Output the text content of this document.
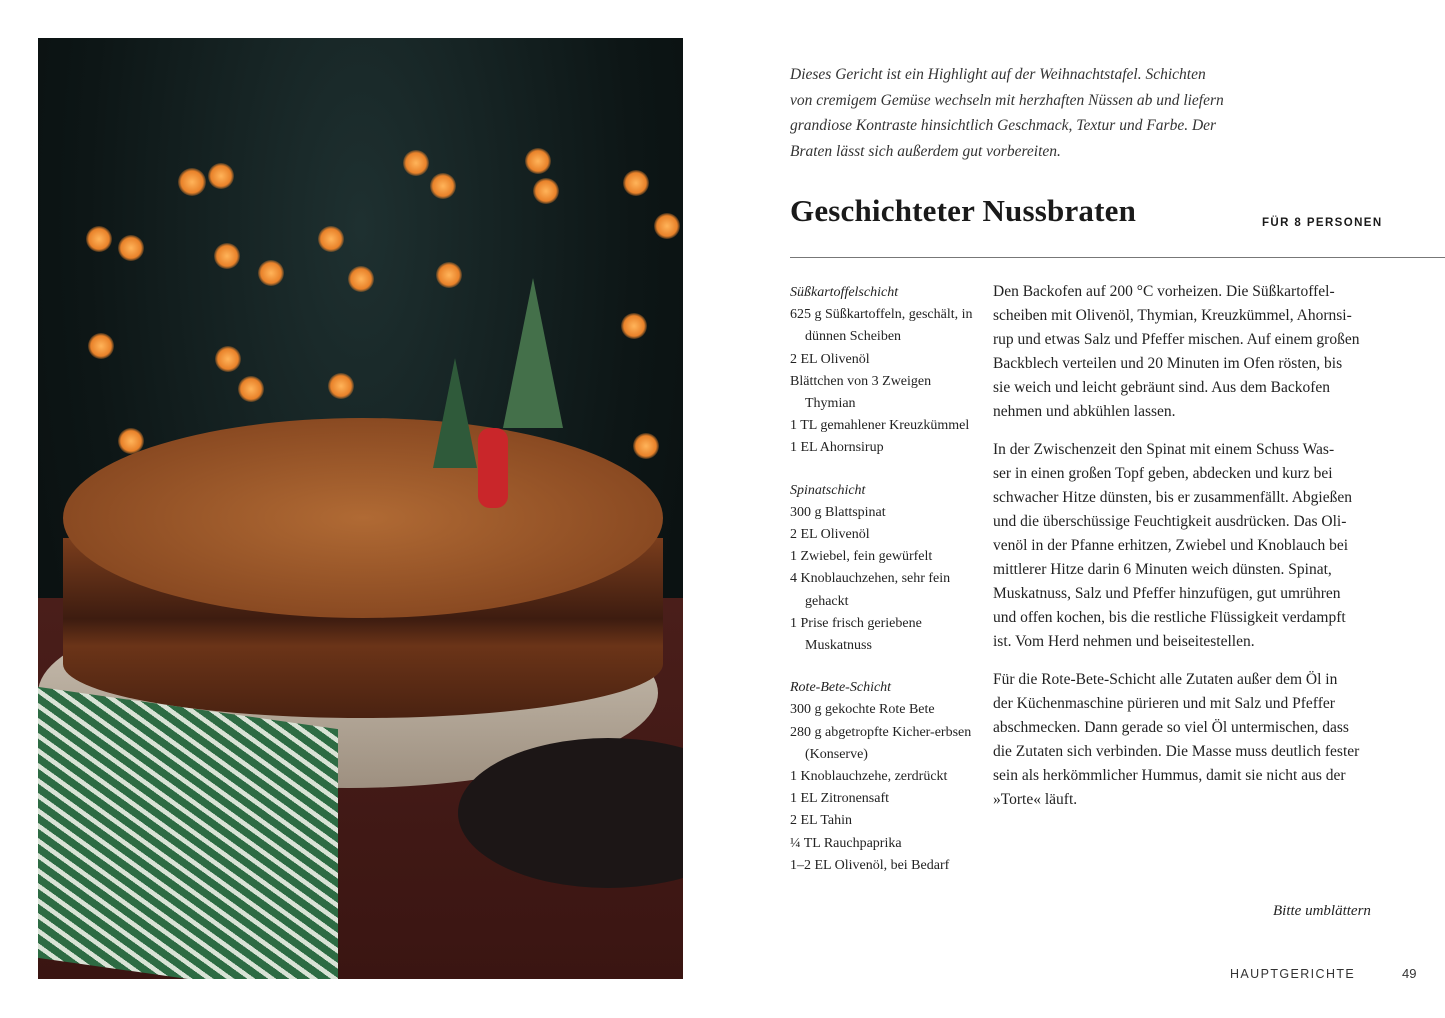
Dieses Gericht ist ein Highlight auf der Weihnachtstafel. Schichten von cremigem Gemüse wechseln mit herzhaften Nüssen ab und liefern grandiose Kontraste hinsichtlich Geschmack, Textur und Farbe. Der Braten lässt sich außerdem gut vorbereiten.
Geschichteter Nussbraten	FÜR 8 PERSONEN
Süßkartoffelschicht
625 g Süßkartoffeln, geschält, in dünnen Scheiben
2 EL Olivenöl
Blättchen von 3 Zweigen Thymian
1 TL gemahlener Kreuzkümmel
1 EL Ahornsirup
Spinatschicht
300 g Blattspinat
2 EL Olivenöl
1 Zwiebel, fein gewürfelt
4 Knoblauchzehen, sehr fein gehackt
1 Prise frisch geriebene Muskatnuss
Rote-Bete-Schicht
300 g gekochte Rote Bete
280 g abgetropfte Kicher-erbsen (Konserve)
1 Knoblauchzehe, zerdrückt
1 EL Zitronensaft
2 EL Tahin
¼ TL Rauchpaprika
1–2 EL Olivenöl, bei Bedarf

Den Backofen auf 200 °C vorheizen. Die Süßkartoffel-
scheiben mit Olivenöl, Thymian, Kreuzkümmel, Ahornsi-
rup und etwas Salz und Pfeffer mischen. Auf einem großen
Backblech verteilen und 20 Minuten im Ofen rösten, bis
sie weich und leicht gebräunt sind. Aus dem Backofen
nehmen und abkühlen lassen.

In der Zwischenzeit den Spinat mit einem Schuss Was-
ser in einen großen Topf geben, abdecken und kurz bei
schwacher Hitze dünsten, bis er zusammenfällt. Abgießen
und die überschüssige Feuchtigkeit ausdrücken. Das Oli-
venöl in der Pfanne erhitzen, Zwiebel und Knoblauch bei
mittlerer Hitze darin 6 Minuten weich dünsten. Spinat,
Muskatnuss, Salz und Pfeffer hinzufügen, gut umrühren
und offen kochen, bis die restliche Flüssigkeit verdampft
ist. Vom Herd nehmen und beiseitestellen.

Für die Rote-Bete-Schicht alle Zutaten außer dem Öl in
der Küchenmaschine pürieren und mit Salz und Pfeffer
abschmecken. Dann gerade so viel Öl untermischen, dass
die Zutaten sich verbinden. Die Masse muss deutlich fester
sein als herkömmlicher Hummus, damit sie nicht aus der
»Torte« läuft.

Bitte umblättern
HAUPTGERICHTE	49
